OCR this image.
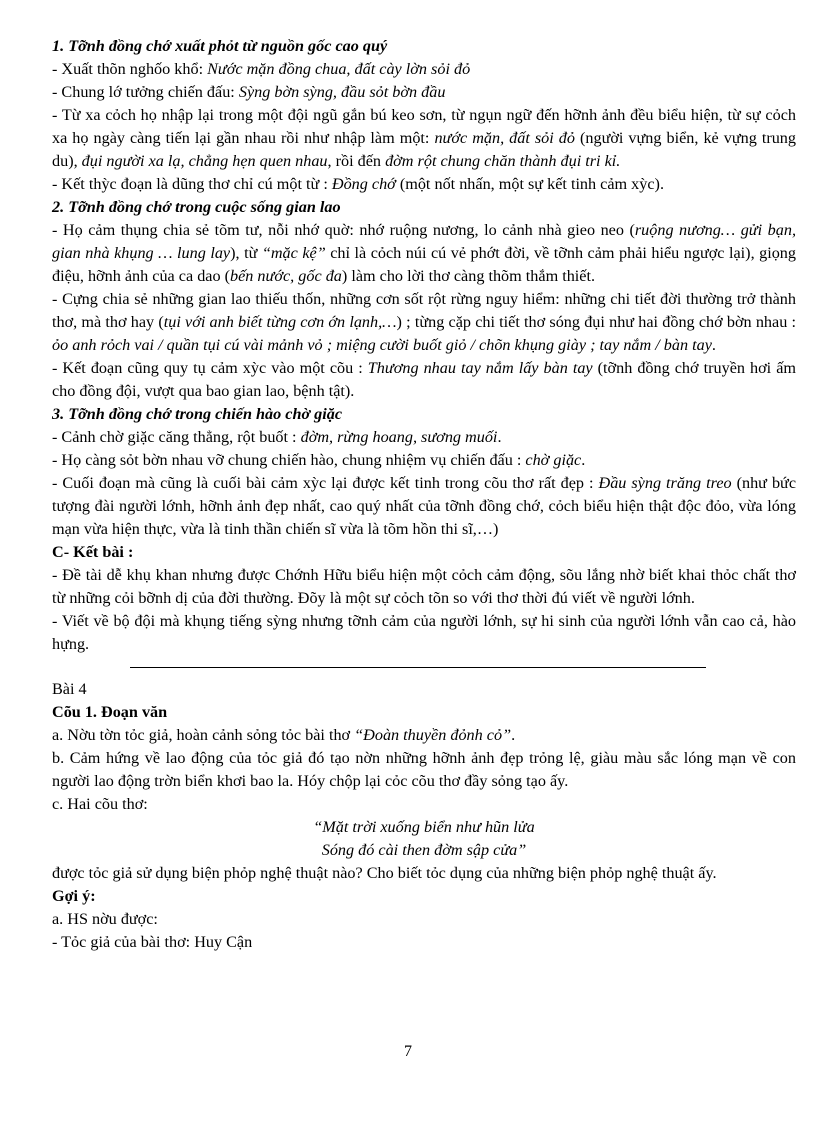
1. Tỡnh đồng chớ xuất phỏt từ nguồn gốc cao quý

- Xuất thõn nghốo khổ: Nước mặn đồng chua, đất cày lờn sỏi đỏ

- Chung lớ tưởng chiến đấu: Sỳng bờn sỳng, đầu sỏt bờn đầu

- Từ xa cỏch họ nhập lại trong một đội ngũ gắn bú keo sơn, từ ngụn ngữ đến hỡnh ảnh đều biểu hiện, từ sự cỏch xa họ ngày càng tiến lại gần nhau rồi như nhập làm một: nước mặn, đất sỏi đỏ (người vựng biển, kẻ vựng trung du), đụi người xa lạ, chẳng hẹn quen nhau, rồi đến đờm rột chung chăn thành đụi tri kỉ.

- Kết thỳc đoạn là dũng thơ chỉ cú một từ : Đồng chớ (một nốt nhấn, một sự kết tinh cảm xỳc).

2. Tỡnh đồng chớ trong cuộc sống gian lao

- Họ cảm thụng chia sẻ tõm tư, nỗi nhớ quờ: nhớ ruộng nương, lo cảnh nhà gieo neo (ruộng nương… gửi bạn, gian nhà khụng … lung lay), từ “mặc kệ” chỉ là cỏch núi cú vẻ phớt đời, về tỡnh cảm phải hiểu ngược lại), giọng điệu, hỡnh ảnh của ca dao (bến nước, gốc đa) làm cho lời thơ càng thõm thắm thiết.

- Cựng chia sẻ những gian lao thiếu thốn, những cơn sốt rột rừng nguy hiểm: những chi tiết đời thường trở thành thơ, mà thơ hay (tụi với anh biết từng cơn ớn lạnh,…) ; từng cặp chi tiết thơ sóng đụi như hai đồng chớ bờn nhau : ỏo anh rỏch vai / quần tụi cú vài mảnh vỏ ; miệng cười buốt giỏ / chõn khụng giày ; tay nắm / bàn tay.

- Kết đoạn cũng quy tụ cảm xỳc vào một cõu : Thương nhau tay nắm lấy bàn tay (tỡnh đồng chớ truyền hơi ấm cho đồng đội, vượt qua bao gian lao, bệnh tật).

3. Tỡnh đồng chớ trong chiến hào chờ giặc

- Cảnh chờ giặc căng thẳng, rột buốt : đờm, rừng hoang, sương muối.

- Họ càng sỏt bờn nhau vỡ chung chiến hào, chung nhiệm vụ chiến đấu : chờ giặc.

- Cuối đoạn mà cũng là cuối bài cảm xỳc lại được kết tinh trong cõu thơ rất đẹp : Đầu sỳng trăng treo (như bức tượng đài người lớnh, hỡnh ảnh đẹp nhất, cao quý nhất của tỡnh đồng chớ, cỏch biểu hiện thật độc đỏo, vừa lóng mạn vừa hiện thực, vừa là tinh thần chiến sĩ vừa là tõm hồn thi sĩ,…)

C- Kết bài :

- Đề tài dễ khụ khan nhưng được Chớnh Hữu biểu hiện một cỏch cảm động, sõu lắng nhờ biết khai thỏc chất thơ từ những cỏi bỡnh dị của đời thường. Đõy là một sự cỏch tõn so với thơ thời đú viết về người lớnh.

- Viết về bộ đội mà khụng tiếng sỳng nhưng tỡnh cảm của người lớnh, sự hi sinh của người lớnh vẫn cao cả, hào hựng.

Bài 4

Cõu 1. Đoạn văn

a. Nờu tờn tỏc giả, hoàn cảnh sỏng tỏc bài thơ “Đoàn thuyền đỏnh cỏ”.

b. Cảm hứng về lao động của tỏc giả đó tạo nờn những hỡnh ảnh đẹp trỏng lệ, giàu màu sắc lóng mạn về con người lao động trờn biển khơi bao la. Hóy chộp lại cỏc cõu thơ đầy sỏng tạo ấy.

c. Hai cõu thơ:

“Mặt trời xuống biển như hũn lửa

Sóng đó cài then đờm sập cửa”

được tỏc giả sử dụng biện phỏp nghệ thuật nào? Cho biết tỏc dụng của những biện phỏp nghệ thuật ấy.

Gợi ý:

a. HS nờu được:

- Tỏc giả của bài thơ: Huy Cận

7
